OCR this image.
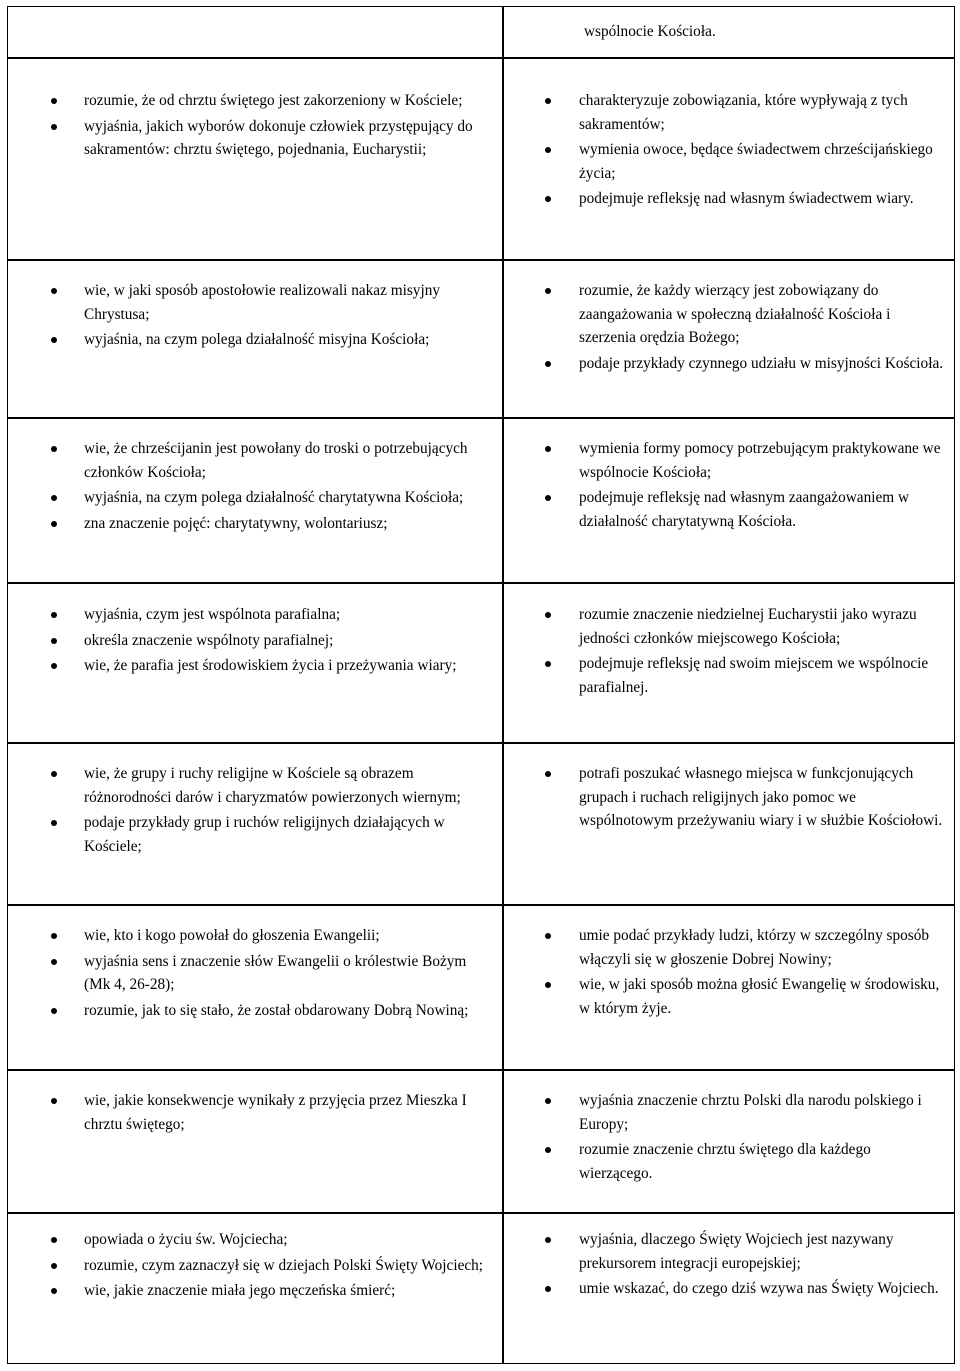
wspólnocie Kościoła.
rozumie, że od chrztu świętego jest zakorzeniony w Kościele;
wyjaśnia, jakich wyborów dokonuje człowiek przystępujący do sakramentów: chrztu świętego, pojednania, Eucharystii;
charakteryzuje zobowiązania, które wypływają z tych sakramentów;
wymienia owoce, będące świadectwem chrześcijańskiego życia;
podejmuje refleksję nad własnym świadectwem wiary.
wie, w jaki sposób apostołowie realizowali nakaz misyjny Chrystusa;
wyjaśnia, na czym polega działalność misyjna Kościoła;
rozumie, że każdy wierzący jest zobowiązany do zaangażowania w społeczną działalność Kościoła i szerzenia orędzia Bożego;
podaje przykłady czynnego udziału w misyjności Kościoła.
wie, że chrześcijanin jest powołany do troski o potrzebujących członków Kościoła;
wyjaśnia, na czym polega działalność charytatywna Kościoła;
zna znaczenie pojęć: charytatywny, wolontariusz;
wymienia formy pomocy potrzebującym praktykowane we wspólnocie Kościoła;
podejmuje refleksję nad własnym zaangażowaniem w działalność charytatywną Kościoła.
wyjaśnia, czym jest wspólnota parafialna;
określa znaczenie wspólnoty parafialnej;
wie, że parafia jest środowiskiem życia i przeżywania wiary;
rozumie znaczenie niedzielnej Eucharystii jako wyrazu jedności członków miejscowego Kościoła;
podejmuje refleksję nad swoim miejscem we wspólnocie parafialnej.
wie, że grupy i ruchy religijne w Kościele są obrazem różnorodności darów i charyzmatów powierzonych wiernym;
podaje przykłady grup i ruchów religijnych działających w Kościele;
potrafi poszukać własnego miejsca w funkcjonujących grupach i ruchach religijnych jako pomoc we wspólnotowym przeżywaniu wiary i w służbie Kościołowi.
wie, kto i kogo powołał do głoszenia Ewangelii;
wyjaśnia sens i znaczenie słów Ewangelii o królestwie Bożym (Mk 4, 26-28);
rozumie, jak to się stało, że został obdarowany Dobrą Nowiną;
umie podać przykłady ludzi, którzy w szczególny sposób włączyli się w głoszenie Dobrej Nowiny;
wie, w jaki sposób można głosić Ewangelię w środowisku, w którym żyje.
wie, jakie konsekwencje wynikały z przyjęcia przez Mieszka I chrztu świętego;
wyjaśnia znaczenie chrztu Polski dla narodu polskiego i Europy;
rozumie znaczenie chrztu świętego dla każdego wierzącego.
opowiada o życiu św. Wojciecha;
rozumie, czym zaznaczył się w dziejach Polski Święty Wojciech;
wie, jakie znaczenie miała jego męczeńska śmierć;
wyjaśnia, dlaczego Święty Wojciech jest nazywany prekursorem integracji europejskiej;
umie wskazać, do czego dziś wzywa nas Święty Wojciech.
